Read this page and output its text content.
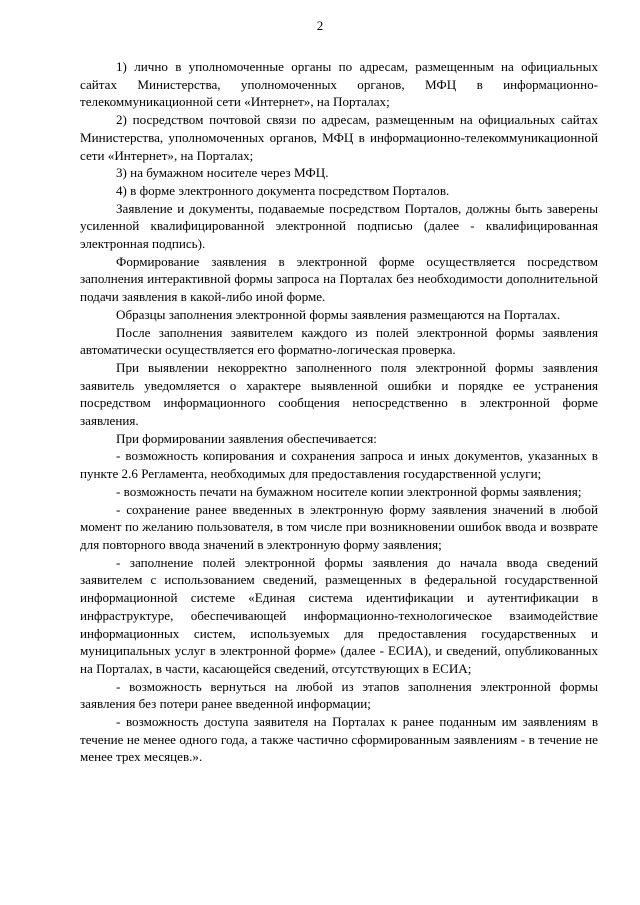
2

1) лично в уполномоченные органы по адресам, размещенным на официальных сайтах Министерства, уполномоченных органов, МФЦ в информационно-телекоммуникационной сети «Интернет», на Порталах;

2) посредством почтовой связи по адресам, размещенным на официальных сайтах Министерства, уполномоченных органов, МФЦ в информационно-телекоммуникационной сети «Интернет», на Порталах;

3) на бумажном носителе через МФЦ.

4) в форме электронного документа посредством Порталов.

Заявление и документы, подаваемые посредством Порталов, должны быть заверены усиленной квалифицированной электронной подписью (далее - квалифицированная электронная подпись).

Формирование заявления в электронной форме осуществляется посредством заполнения интерактивной формы запроса на Порталах без необходимости дополнительной подачи заявления в какой-либо иной форме.

Образцы заполнения электронной формы заявления размещаются на Порталах.

После заполнения заявителем каждого из полей электронной формы заявления автоматически осуществляется его форматно-логическая проверка.

При выявлении некорректно заполненного поля электронной формы заявления заявитель уведомляется о характере выявленной ошибки и порядке ее устранения посредством информационного сообщения непосредственно в электронной форме заявления.

При формировании заявления обеспечивается:

- возможность копирования и сохранения запроса и иных документов, указанных в пункте 2.6 Регламента, необходимых для предоставления государственной услуги;

- возможность печати на бумажном носителе копии электронной формы заявления;

- сохранение ранее введенных в электронную форму заявления значений в любой момент по желанию пользователя, в том числе при возникновении ошибок ввода и возврате для повторного ввода значений в электронную форму заявления;

- заполнение полей электронной формы заявления до начала ввода сведений заявителем с использованием сведений, размещенных в федеральной государственной информационной системе «Единая система идентификации и аутентификации в инфраструктуре, обеспечивающей информационно-технологическое взаимодействие информационных систем, используемых для предоставления государственных и муниципальных услуг в электронной форме» (далее - ЕСИА), и сведений, опубликованных на Порталах, в части, касающейся сведений, отсутствующих в ЕСИА;

- возможность вернуться на любой из этапов заполнения электронной формы заявления без потери ранее введенной информации;

- возможность доступа заявителя на Порталах к ранее поданным им заявлениям в течение не менее одного года, а также частично сформированным заявлениям - в течение не менее трех месяцев.».
